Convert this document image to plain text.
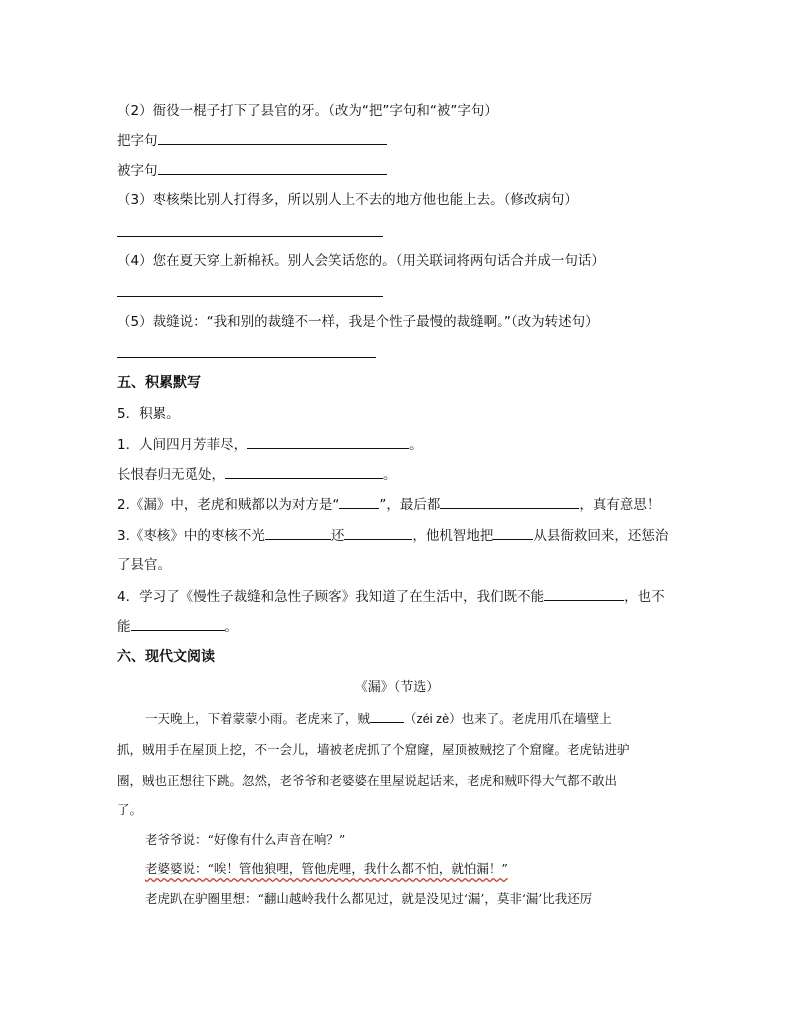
（2）衙役一棍子打下了县官的牙。（改为“把”字句和“被”字句）
把字句
被字句
（3）枣核柴比别人打得多，所以别人上不去的地方他也能上去。（修改病句）
（4）您在夏天穿上新棉袄。别人会笑话您的。（用关联词将两句话合并成一句话）
（5）裁缝说：“我和别的裁缝不一样，我是个性子最慢的裁缝啊。”（改为转述句）
五、积累默写
5．积累。
1．人间四月芳菲尽，	。
长恨春归无觅处，	。
2.《漏》中，老虎和贼都以为对方是“	”，最后都	，真有意思！
3.《枣核》中的枣核不光	还	，他机智地把	从县衙救回来，还惩治
了县官。
4．学习了《慢性子裁缝和急性子顾客》我知道了在生活中，我们既不能	，也不
能	。
六、现代文阅读
《漏》（节选）
一天晚上，下着蒙蒙小雨。老虎来了，贼	（zéi zè）也来了。老虎用爪在墙壁上
抓，贼用手在屋顶上挖，不一会儿，墙被老虎抓了个窟窿，屋顶被贼挖了个窟窿。老虎钻进驴
圈，贼也正想往下跳。忽然，老爷爷和老婆婆在里屋说起话来，老虎和贼吓得大气都不敢出
了。
老爷爷说：“好像有什么声音在响？”
老婆婆说：“唉！管他狼哩，管他虎哩，我什么都不怕，就怕漏！”
老虎趴在驴圈里想：“翻山越岭我什么都见过，就是没见过‘漏’，莫非‘漏’比我还厉
